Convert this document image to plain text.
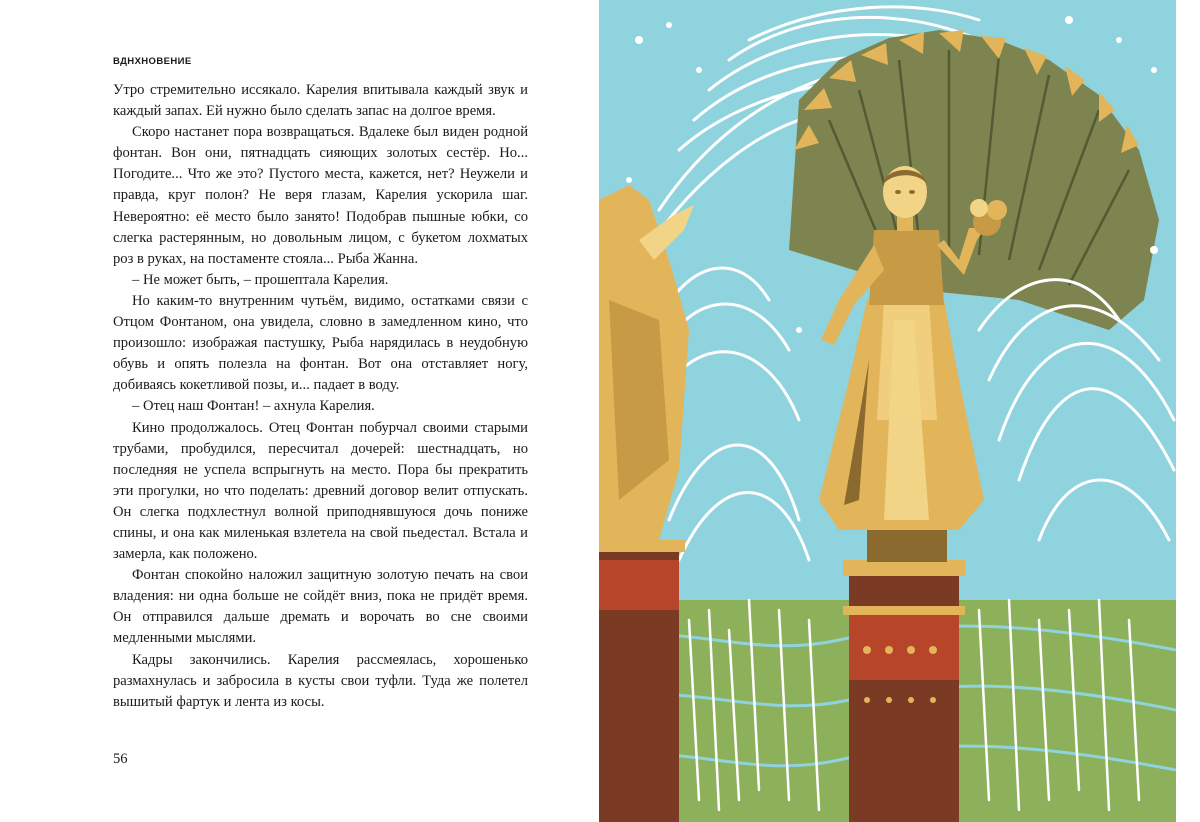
ВДНХНОВЕНИЕ

Утро стремительно иссякало. Карелия впитывала каждый звук и каждый запах. Ей нужно было сделать запас на долгое время.

Скоро настанет пора возвращаться. Вдалеке был виден родной фонтан. Вон они, пятнадцать сияющих золотых сестёр. Но... Погодите... Что же это? Пустого места, кажется, нет? Неужели и правда, круг полон? Не веря глазам, Карелия ускорила шаг. Невероятно: её место было занято! Подобрав пышные юбки, со слегка растерянным, но довольным лицом, с букетом лохматых роз в руках, на постаменте стояла... Рыба Жанна.

– Не может быть, – прошептала Карелия.

Но каким-то внутренним чутьём, видимо, остатками связи с Отцом Фонтаном, она увидела, словно в замедленном кино, что произошло: изображая пастушку, Рыба нарядилась в неудобную обувь и опять полезла на фонтан. Вот она отставляет ногу, добиваясь кокетливой позы, и... падает в воду.

– Отец наш Фонтан! – ахнула Карелия.

Кино продолжалось. Отец Фонтан побурчал своими старыми трубами, пробудился, пересчитал дочерей: шестнадцать, но последняя не успела вспрыгнуть на место. Пора бы прекратить эти прогулки, но что поделать: древний договор велит отпускать. Он слегка подхлестнул волной приподнявшуюся дочь пониже спины, и она как миленькая взлетела на свой пьедестал. Встала и замерла, как положено.

Фонтан спокойно наложил защитную золотую печать на свои владения: ни одна больше не сойдёт вниз, пока не придёт время. Он отправился дальше дремать и ворочать во сне своими медленными мыслями.

Кадры закончились. Карелия рассмеялась, хорошенько размахнулась и забросила в кусты свои туфли. Туда же полетел вышитый фартук и лента из косы.

56
